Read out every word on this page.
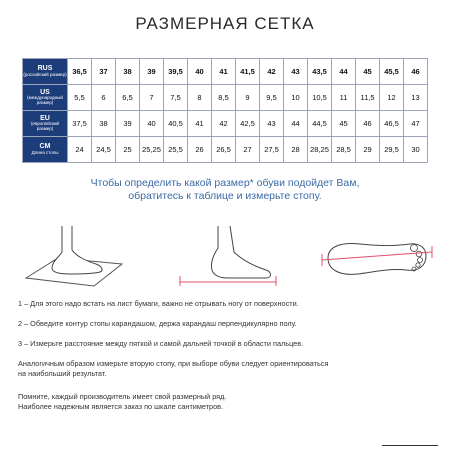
РАЗМЕРНАЯ СЕТКА
RUS
(российский размер)	36,5	37	38	39	39,5	40	41	41,5	42	43	43,5	44	45	45,5	46

US
(международный размер)	5,5	6	6,5	7	7,5	8	8,5	9	9,5	10	10,5	11	11,5	12	13

EU
(европейский размер)	37,5	38	39	40	40,5	41	42	42,5	43	44	44,5	45	46	46,5	47

CM
Длина стопы	24	24,5	25	25,25	25,5	26	26,5	27	27,5	28	28,25	28,5	29	29,5	30
Чтобы определить какой размер* обуви подойдет Вам,
обратитесь к таблице и измерьте стопу.

1 – Для этого надо встать на лист бумаги, важно не отрывать ногу от поверхности.

2 – Обведите контур стопы карандашом, держа карандаш перпендикулярно полу.

3 – Измерьте расстояние между пяткой и самой дальней точкой в области пальцев.

Аналогичным образом измерьте вторую стопу, при выборе обуви следует ориентироваться

на наибольший результат.

Помните, каждый производитель имеет свой размерный ряд.

Наиболее надежным является заказ по шкале сантиметров.
